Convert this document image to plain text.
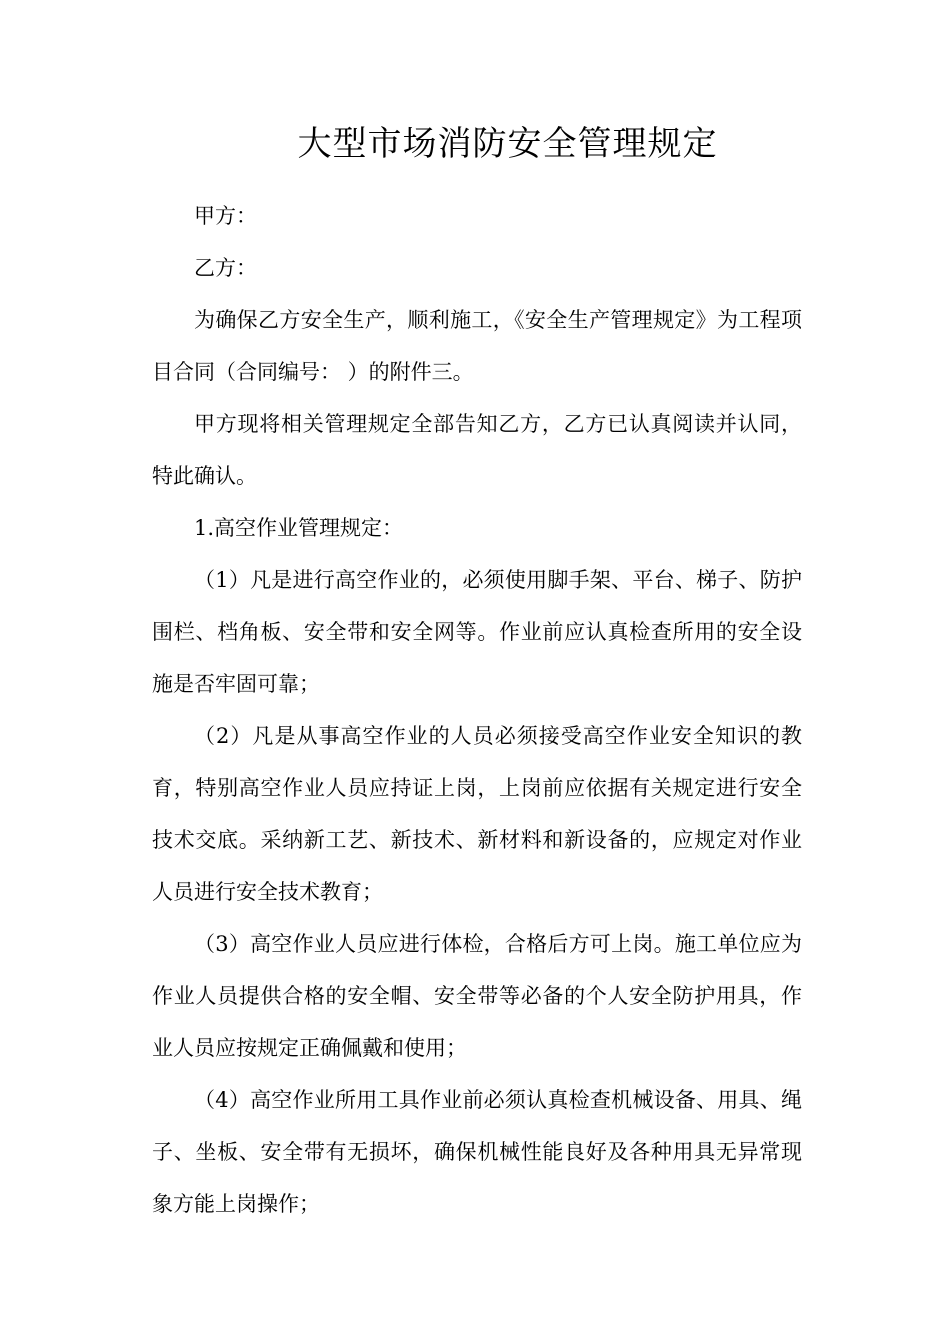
大型市场消防安全管理规定

甲方：

乙方：

为确保乙方安全生产，顺利施工，《安全生产管理规定》为工程项目合同（合同编号： ）的附件三。

甲方现将相关管理规定全部告知乙方，乙方已认真阅读并认同，特此确认。

1.高空作业管理规定：

（1）凡是进行高空作业的，必须使用脚手架、平台、梯子、防护围栏、档角板、安全带和安全网等。作业前应认真检查所用的安全设施是否牢固可靠；

（2）凡是从事高空作业的人员必须接受高空作业安全知识的教育，特别高空作业人员应持证上岗，上岗前应依据有关规定进行安全技术交底。采纳新工艺、新技术、新材料和新设备的，应规定对作业人员进行安全技术教育；

（3）高空作业人员应进行体检，合格后方可上岗。施工单位应为作业人员提供合格的安全帽、安全带等必备的个人安全防护用具，作业人员应按规定正确佩戴和使用；

（4）高空作业所用工具作业前必须认真检查机械设备、用具、绳子、坐板、安全带有无损坏，确保机械性能良好及各种用具无异常现象方能上岗操作；
